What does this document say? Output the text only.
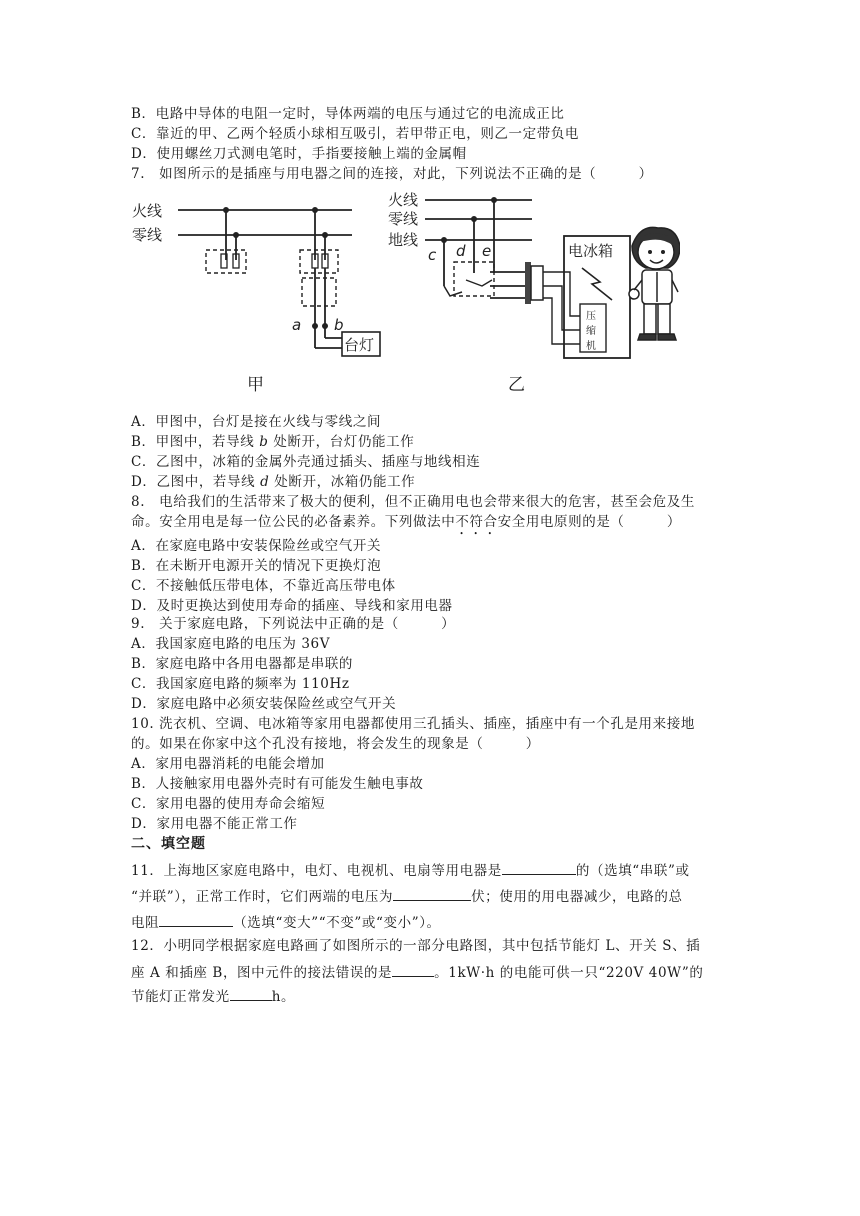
B．电路中导体的电阻一定时，导体两端的电压与通过它的电流成正比
C．靠近的甲、乙两个轻质小球相互吸引，若甲带正电，则乙一定带负电
D．使用螺丝刀式测电笔时，手指要接触上端的金属帽
7.　如图所示的是插座与用电器之间的连接，对此，下列说法不正确的是（　　　）
火线
零线
a b
台灯
甲
火线
零线
地线
c d e	电冰箱
压
缩
机
乙
A．甲图中，台灯是接在火线与零线之间
B．甲图中，若导线 b 处断开，台灯仍能工作
C．乙图中，冰箱的金属外壳通过插头、插座与地线相连
D．乙图中，若导线 d 处断开，冰箱仍能工作
8.　电给我们的生活带来了极大的便利，但不正确用电也会带来很大的危害，甚至会危及生
命。安全用电是每一位公民的必备素养。下列做法中不符合安全用电原则的是（　　　）
A．在家庭电路中安装保险丝或空气开关
B．在未断开电源开关的情况下更换灯泡
C．不接触低压带电体，不靠近高压带电体
D．及时更换达到使用寿命的插座、导线和家用电器
9.　关于家庭电路，下列说法中正确的是（　　　）
A．我国家庭电路的电压为 36V
B．家庭电路中各用电器都是串联的
C．我国家庭电路的频率为 110Hz
D．家庭电路中必须安装保险丝或空气开关
10. 洗衣机、空调、电冰箱等家用电器都使用三孔插头、插座，插座中有一个孔是用来接地
的。如果在你家中这个孔没有接地，将会发生的现象是（　　　）
A．家用电器消耗的电能会增加
B．人接触家用电器外壳时有可能发生触电事故
C．家用电器的使用寿命会缩短
D．家用电器不能正常工作
二、填空题
11．上海地区家庭电路中，电灯、电视机、电扇等用电器是	的（选填“串联”或
“并联”），正常工作时，它们两端的电压为	伏；使用的用电器减少，电路的总
电阻	（选填“变大”“不变”或“变小”）。
12．小明同学根据家庭电路画了如图所示的一部分电路图，其中包括节能灯 L、开关 S、插
座 A 和插座 B，图中元件的接法错误的是	。1kW·h 的电能可供一只“220V 40W”的
节能灯正常发光	h。
